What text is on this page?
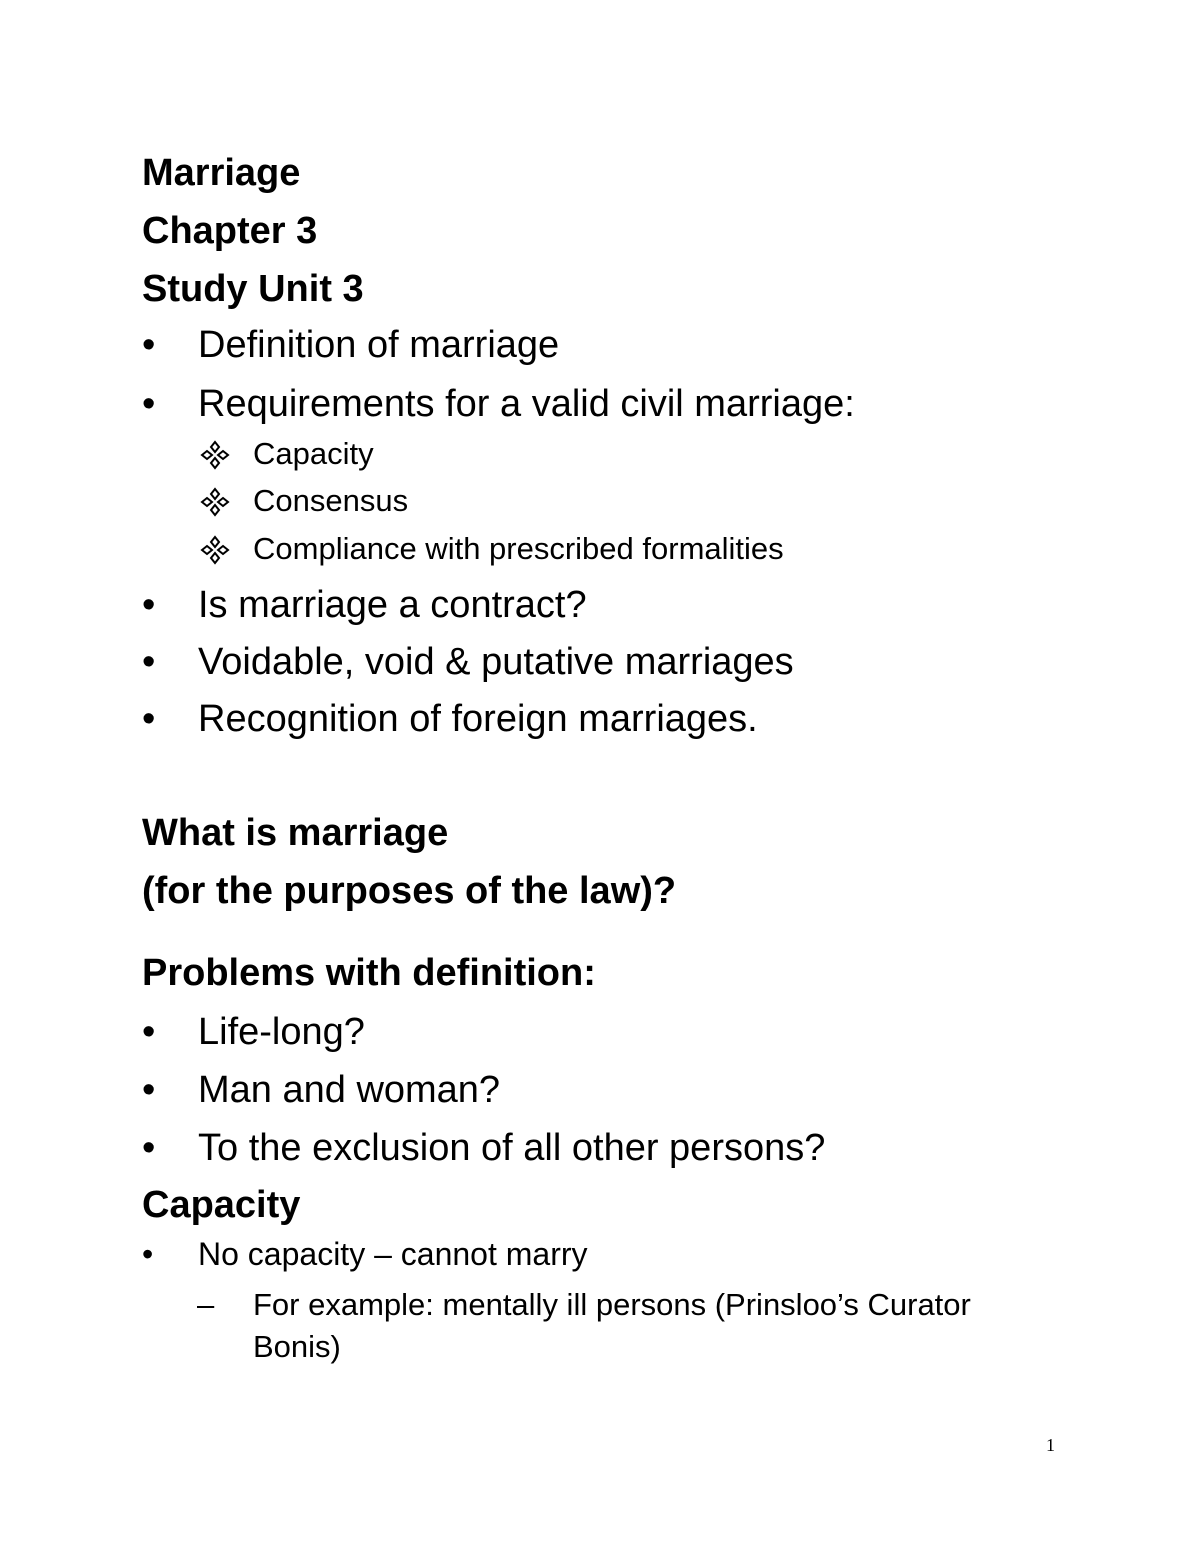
Marriage
Chapter 3
Study Unit 3
•	Definition of marriage
•	Requirements for a valid civil marriage:
Capacity
Consensus
Compliance with prescribed formalities
•	Is marriage a contract?
•	Voidable, void & putative marriages
•	Recognition of foreign marriages.
What is marriage
(for the purposes of the law)?
Problems with definition:
•	Life-long?
•	Man and woman?
•	To the exclusion of all other persons?
Capacity
•	No capacity – cannot marry
– For example: mentally ill persons (Prinsloo’s Curator Bonis)
1
